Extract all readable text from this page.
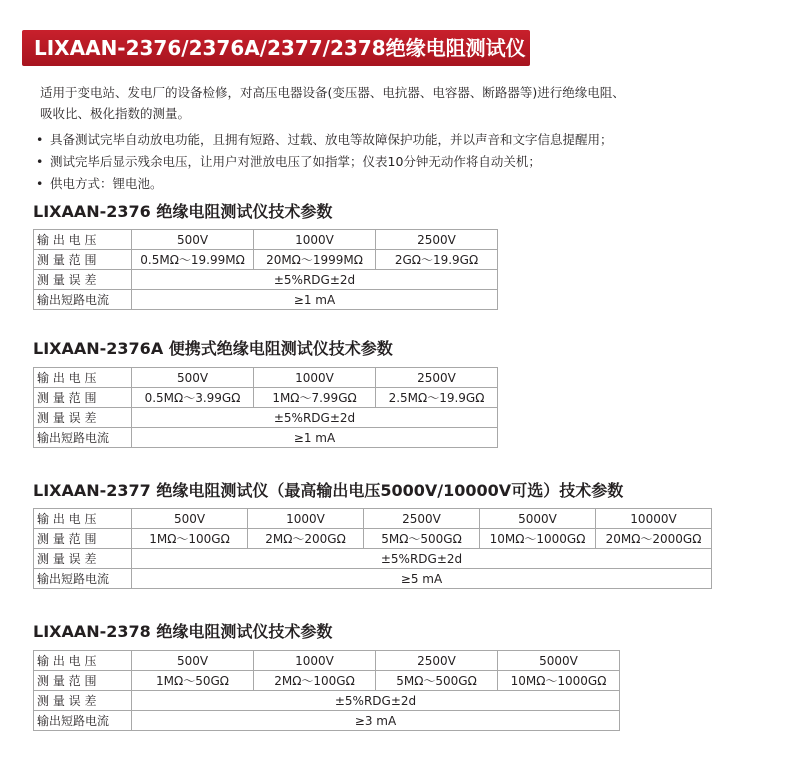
LIXAAN-2376/2376A/2377/2378绝缘电阻测试仪

适用于变电站、发电厂的设备检修，对高压电器设备(变压器、电抗器、电容器、断路器等)进行绝缘电阻、
吸收比、极化指数的测量。

• 具备测试完毕自动放电功能，且拥有短路、过载、放电等故障保护功能，并以声音和文字信息提醒用；
• 测试完毕后显示残余电压，让用户对泄放电压了如指掌；仪表10分钟无动作将自动关机；
• 供电方式：锂电池。
LIXAAN-2376 绝缘电阻测试仪技术参数
输 出 电 压	500V	1000V	2500V
测 量 范 围	0.5MΩ～19.99MΩ	20MΩ～1999MΩ	2GΩ～19.9GΩ
测 量 误 差	±5%RDG±2d		
输出短路电流	≥1 mA		
LIXAAN-2376A 便携式绝缘电阻测试仪技术参数
输 出 电 压	500V	1000V	2500V
测 量 范 围	0.5MΩ～3.99GΩ	1MΩ～7.99GΩ	2.5MΩ～19.9GΩ
测 量 误 差	±5%RDG±2d		
输出短路电流	≥1 mA		
LIXAAN-2377 绝缘电阻测试仪（最高输出电压5000V/10000V可选）技术参数
输 出 电 压	500V	1000V	2500V	5000V	10000V
测 量 范 围	1MΩ～100GΩ	2MΩ～200GΩ	5MΩ～500GΩ	10MΩ～1000GΩ	20MΩ～2000GΩ
测 量 误 差	±5%RDG±2d				
输出短路电流	≥5 mA				
LIXAAN-2378 绝缘电阻测试仪技术参数
输 出 电 压	500V	1000V	2500V	5000V
测 量 范 围	1MΩ～50GΩ	2MΩ～100GΩ	5MΩ～500GΩ	10MΩ～1000GΩ
测 量 误 差	±5%RDG±2d			
输出短路电流	≥3 mA			
